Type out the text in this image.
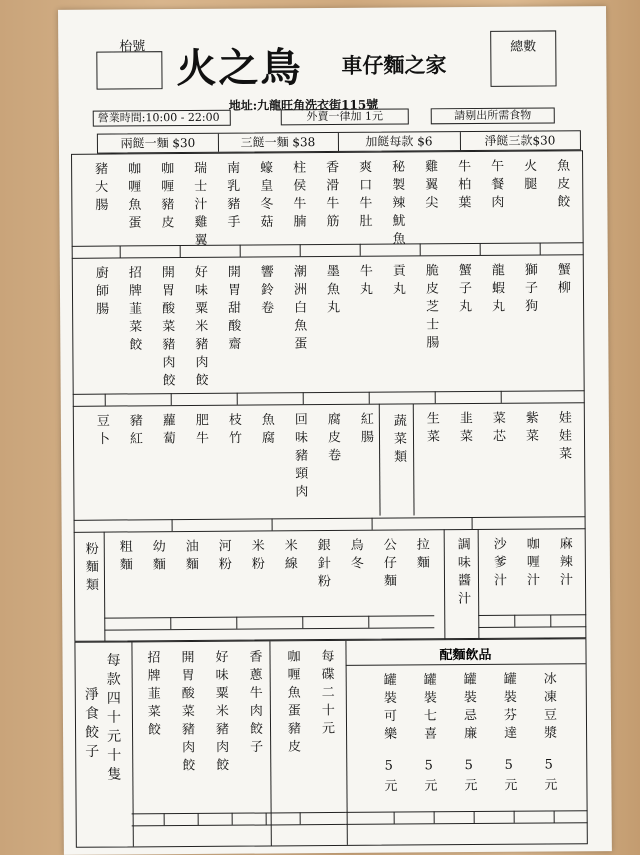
枱號 火之鳥 車仔麵之家
總數
地址:九龍旺角洗衣街115號
營業時間:10:00 - 22:00	外賣一律加 1元	請剔出所需食物
兩餸一麵 $30	三餸一麵 $38	加餸每款 $6	淨餸三款$30
豬大腸 咖喱魚蛋 咖喱豬皮 瑞士汁雞翼 南乳豬手 蠔皇冬菇 柱侯牛腩 香滑牛筋 爽口牛肚 秘製辣魷魚 雞翼尖 牛柏葉 午餐肉 火腿 魚皮餃
廚師腸 招牌韮菜餃 開胃酸菜豬肉餃 好味粟米豬肉餃 開胃甜酸齋 響鈴卷 潮洲白魚蛋 墨魚丸 牛丸 貢丸 脆皮芝士腸 蟹子丸 龍蝦丸 獅子狗 蟹柳
豆卜 豬紅 蘿蔔 肥牛 枝竹 魚腐 回味豬頸肉 腐皮卷 紅腸 蔬菜類 生菜 韭菜 菜芯 紫菜 娃娃菜
粉麵類 粗麵 幼麵 油麵 河粉 米粉 米線 銀針粉 烏冬 公仔麵 拉麵 調味醬汁 沙爹汁 咖喱汁 麻辣汁
淨食餃子 每款四十元十隻 招牌韮菜餃 開胃酸菜豬肉餃 好味粟米豬肉餃 香蔥牛肉餃子 咖喱魚蛋豬皮 每碟二十元	配麵飲品
罐裝可樂
5元
罐裝七喜
5元
罐裝忌廉
5元
罐裝芬達
5元
冰凍豆漿
5元
